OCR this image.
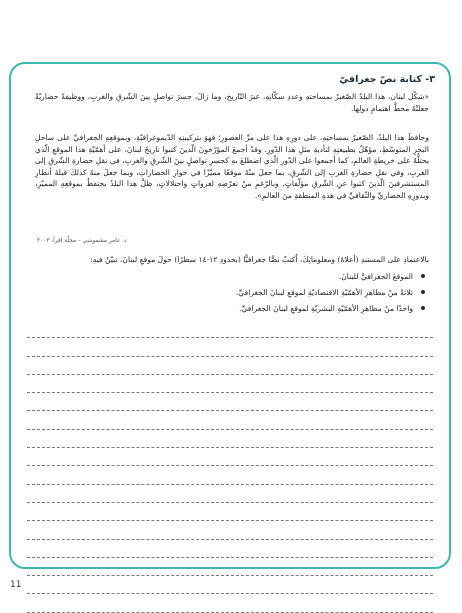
٣- كتابة نصّ جغرافيّ
«شكّل لبنان، هذا البلدُ الصّغيرُ بمساحتهِ وعددِ سكّانِهِ، عبرَ التّاريخ، وما زالَ، جسرَ تواصلٍ بينَ الشّرقِ والغربِ، ووظيفةً حضاريّةً جعلتْهُ محطَّ اهتمامِ دولِها.
وحافظَ هذا البلدُ، الصّغيرُ بمساحتِهِ، على دورِهِ هذا على مرِّ العصورِ؛ فهوَ بتركيبتِهِ الدّيموغرافيّةِ، وبموقعِهِ الجغرافيِّ على ساحلِ البحرِ المتوسّطِ، مؤهّلٌ بطبيعتِهِ لتأديةِ مثلِ هذا الدّورِ. وقدْ أجمعَ المؤرّخونَ الّذينَ كتبوا تاريخَ لبنانَ، على أهمّيّةِ هذا الموقعِ الّذي يحتلُّهُ على خريطةِ العالمِ، كما أجمعوا على الدّورِ الّذي اضطلعَ بهِ كجسرِ تواصلٍ بينَ الشّرقِ والغربِ، في نقلِ حضارةِ الشّرقِ إلى الغربِ، وفي نقلِ حضارةِ الغربِ إلى الشّرقِ، بما جعلَ منْهُ موقعًا مميّزًا في حوارِ الحضاراتِ، وبما جعلَ منهُ كذلكَ قبلةَ أنظارِ المستشرقينَ الّذينَ كتبوا عنِ الشّرقِ مؤلّفاتٍ. وبالرّغمِ منْ تعرّضِهِ لغزواتٍ واحتلالاتٍ، ظلَّ هذا البلدُ يحتفظُ بموقعِهِ المميّزِ، وبدورِهِ الحضاريِّ والثّقافيِّ في هذهِ المنطقةِ منَ العالمِ».
د. عامر مشموشي – مجلّة اقرأ، ٢٠٠٣
بالاعتمادِ على المستندِ (أعلاهُ) ومعلوماتِكَ، اُكتبْ نصًّا جغرافيًّا (بحدودِ ١٢-١٤ سطرًا) حولَ موقعِ لبنانَ، تبيّنُ فيهِ:
الموقعَ الجغرافيَّ للبنانَ.
ثلاثةً منْ مظاهرِ الأهمّيّةِ الاقتصاديّةِ لموقعِ لبنانَ الجغرافيِّ.
واحدًا منْ مظاهرِ الأهمّيّةِ البشريّةِ لموقعِ لبنانَ الجغرافيِّ.
11
